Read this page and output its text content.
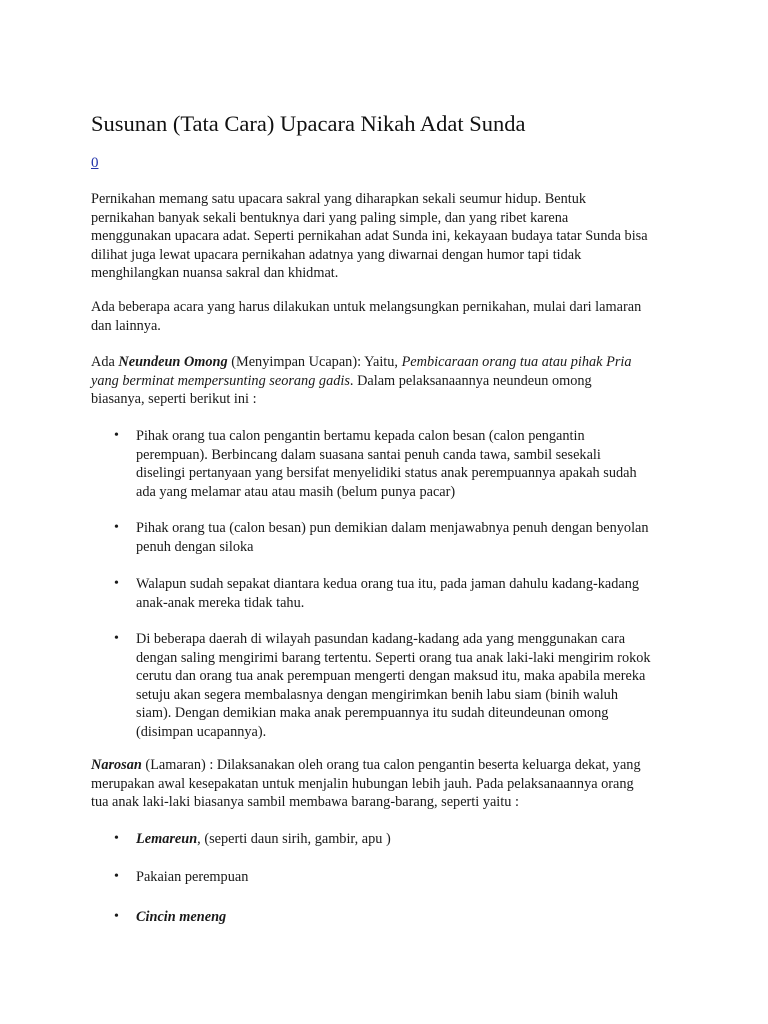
Susunan (Tata Cara) Upacara Nikah Adat Sunda
0

Pernikahan memang satu upacara sakral yang diharapkan sekali seumur hidup. Bentuk
pernikahan banyak sekali bentuknya dari yang paling simple, dan yang ribet karena
menggunakan upacara adat. Seperti pernikahan adat Sunda ini, kekayaan budaya tatar Sunda bisa
dilihat juga lewat upacara pernikahan adatnya yang diwarnai dengan humor tapi tidak
menghilangkan nuansa sakral dan khidmat.

Ada beberapa acara yang harus dilakukan untuk melangsungkan pernikahan, mulai dari lamaran
dan lainnya.

Ada Neundeun Omong (Menyimpan Ucapan): Yaitu, Pembicaraan orang tua atau pihak Pria
yang berminat mempersunting seorang gadis. Dalam pelaksanaannya neundeun omong
biasanya, seperti berikut ini :

• Pihak orang tua calon pengantin bertamu kepada calon besan (calon pengantin
perempuan). Berbincang dalam suasana santai penuh canda tawa, sambil sesekali
diselingi pertanyaan yang bersifat menyelidiki status anak perempuannya apakah sudah
ada yang melamar atau atau masih (belum punya pacar)
• Pihak orang tua (calon besan) pun demikian dalam menjawabnya penuh dengan benyolan
penuh dengan siloka
• Walapun sudah sepakat diantara kedua orang tua itu, pada jaman dahulu kadang-kadang
anak-anak mereka tidak tahu.
• Di beberapa daerah di wilayah pasundan kadang-kadang ada yang menggunakan cara
dengan saling mengirimi barang tertentu. Seperti orang tua anak laki-laki mengirim rokok
cerutu dan orang tua anak perempuan mengerti dengan maksud itu, maka apabila mereka
setuju akan segera membalasnya dengan mengirimkan benih labu siam (binih waluh
siam). Dengan demikian maka anak perempuannya itu sudah diteundeunan omong
(disimpan ucapannya).

Narosan (Lamaran) : Dilaksanakan oleh orang tua calon pengantin beserta keluarga dekat, yang
merupakan awal kesepakatan untuk menjalin hubungan lebih jauh. Pada pelaksanaannya orang
tua anak laki-laki biasanya sambil membawa barang-barang, seperti yaitu :

• Lemareun, (seperti daun sirih, gambir, apu )
• Pakaian perempuan
• Cincin meneng
